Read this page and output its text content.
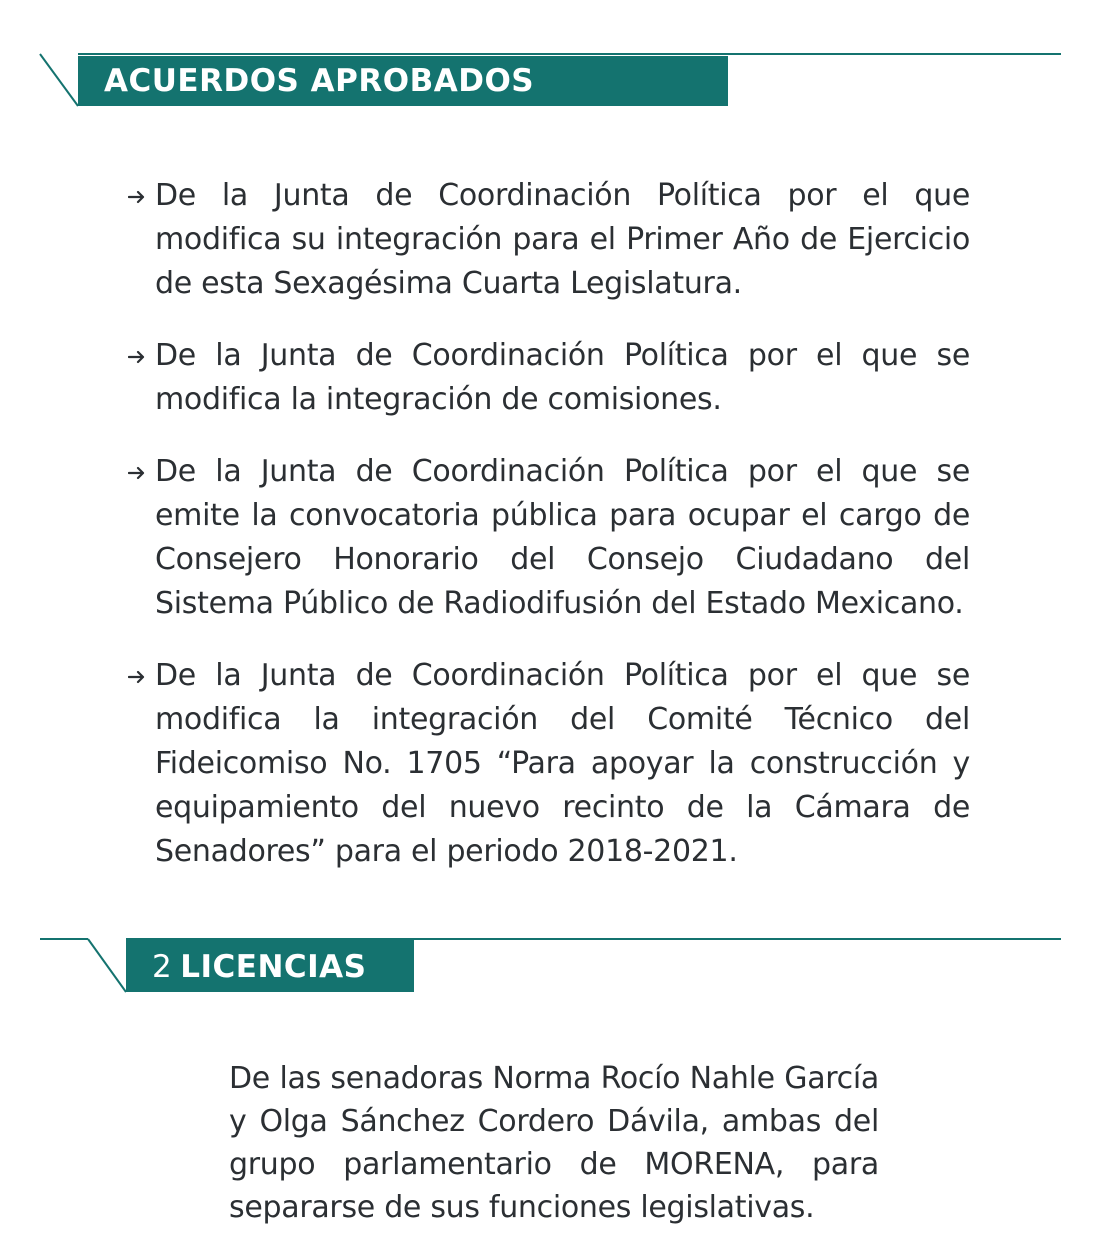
ACUERDOS APROBADOS
De la Junta de Coordinación Política por el que modifica su integración para el Primer Año de Ejercicio de esta Sexagésima Cuarta Legislatura.
De la Junta de Coordinación Política por el que se modifica la integración de comisiones.
De la Junta de Coordinación Política por el que se emite la convocatoria pública para ocupar el cargo de Consejero Honorario del Consejo Ciudadano del Sistema Público de Radiodifusión del Estado Mexicano.
De la Junta de Coordinación Política por el que se modifica la integración del Comité Técnico del Fideicomiso No. 1705 “Para apoyar la construcción y equipamiento del nuevo recinto de la Cámara de Senadores” para el periodo 2018-2021.
2 LICENCIAS

De las senadoras Norma Rocío Nahle García y Olga Sánchez Cordero Dávila, ambas del grupo parlamentario de MORENA, para separarse de sus funciones legislativas.
